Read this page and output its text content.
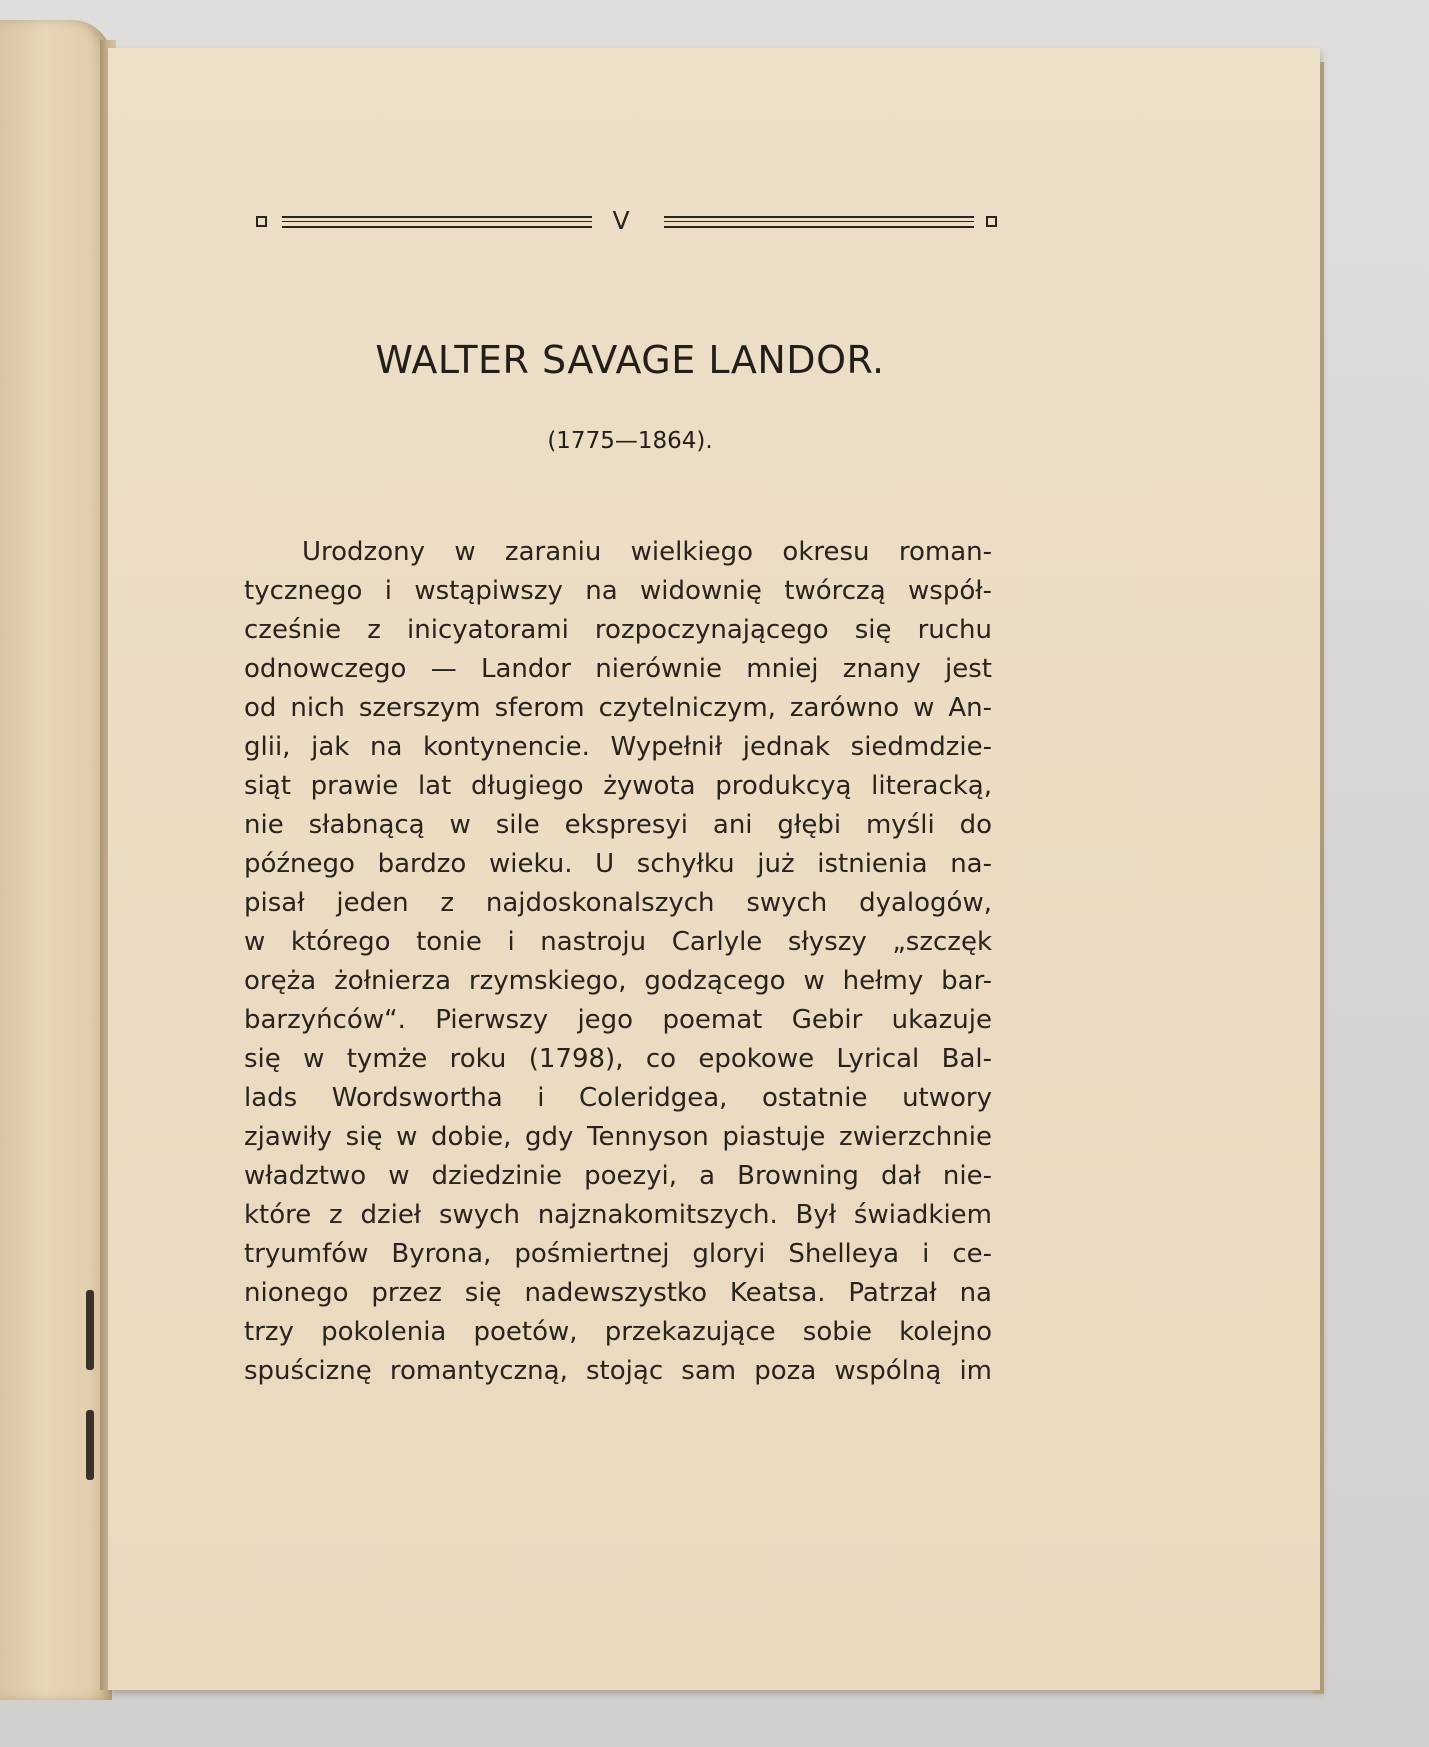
V
WALTER SAVAGE LANDOR.
(1775—1864).
Urodzony w zaraniu wielkiego okresu roman-
tycznego i wstąpiwszy na widownię twórczą współ-
cześnie z inicyatorami rozpoczynającego się ruchu
odnowczego — Landor nierównie mniej znany jest
od nich szerszym sferom czytelniczym, zarówno w An-
glii, jak na kontynencie. Wypełnił jednak siedmdzie-
siąt prawie lat długiego żywota produkcyą literacką,
nie słabnącą w sile ekspresyi ani głębi myśli do
późnego bardzo wieku. U schyłku już istnienia na-
pisał jeden z najdoskonalszych swych dyalogów,
w którego tonie i nastroju Carlyle słyszy „szczęk
oręża żołnierza rzymskiego, godzącego w hełmy bar-
barzyńców“. Pierwszy jego poemat Gebir ukazuje
się w tymże roku (1798), co epokowe Lyrical Bal-
lads Wordswortha i Coleridgea, ostatnie utwory
zjawiły się w dobie, gdy Tennyson piastuje zwierzchnie
władztwo w dziedzinie poezyi, a Browning dał nie-
które z dzieł swych najznakomitszych. Był świadkiem
tryumfów Byrona, pośmiertnej gloryi Shelleya i ce-
nionego przez się nadewszystko Keatsa. Patrzał na
trzy pokolenia poetów, przekazujące sobie kolejno
spuściznę romantyczną, stojąc sam poza wspólną im
